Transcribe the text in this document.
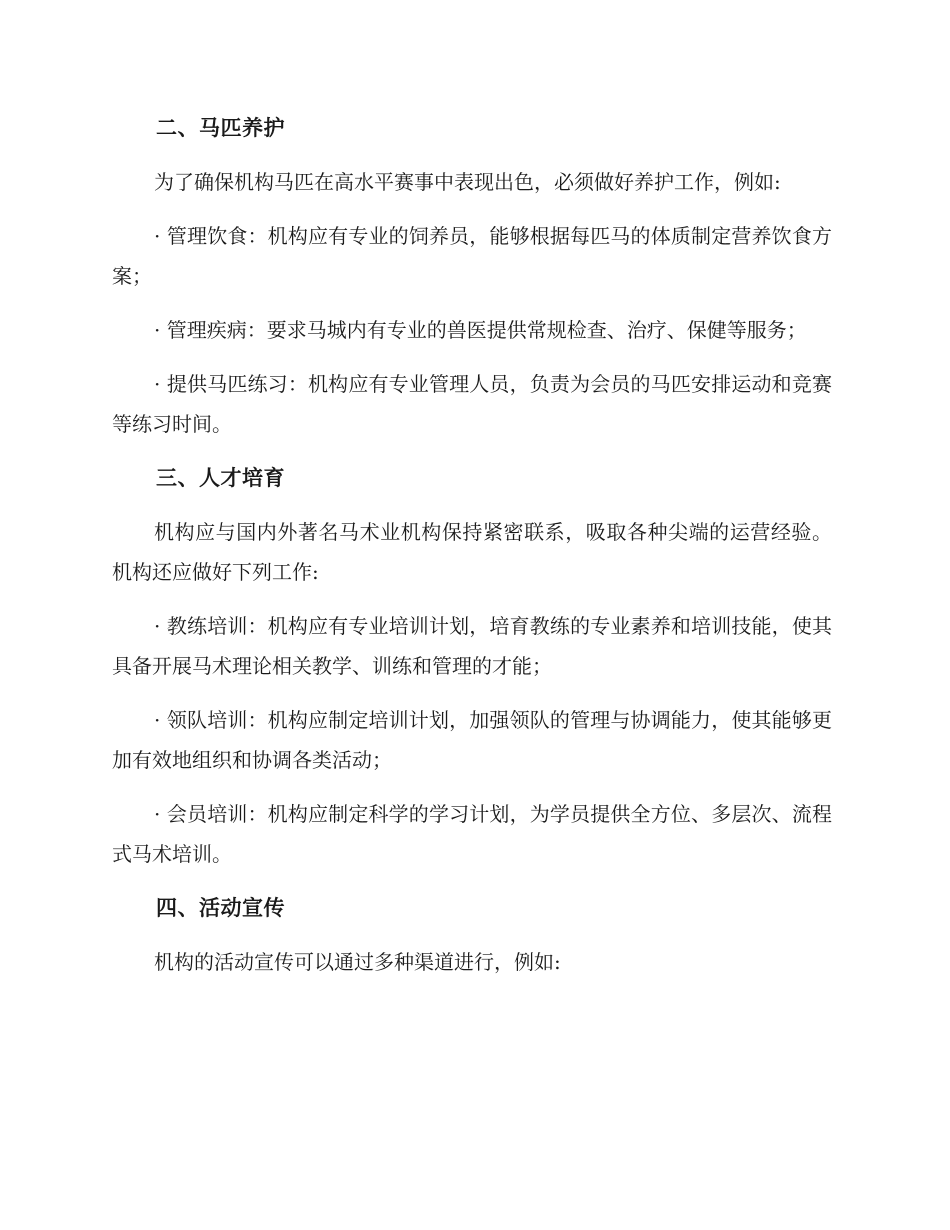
二、马匹养护

为了确保机构马匹在高水平赛事中表现出色，必须做好养护工作，例如:

· 管理饮食：机构应有专业的饲养员，能够根据每匹马的体质制定营养饮食方案；

· 管理疾病：要求马城内有专业的兽医提供常规检查、治疗、保健等服务；

· 提供马匹练习：机构应有专业管理人员，负责为会员的马匹安排运动和竞赛等练习时间。

三、人才培育

机构应与国内外著名马术业机构保持紧密联系，吸取各种尖端的运营经验。机构还应做好下列工作:

· 教练培训：机构应有专业培训计划，培育教练的专业素养和培训技能，使其具备开展马术理论相关教学、训练和管理的才能；

· 领队培训：机构应制定培训计划，加强领队的管理与协调能力，使其能够更加有效地组织和协调各类活动；

· 会员培训：机构应制定科学的学习计划，为学员提供全方位、多层次、流程式马术培训。

四、活动宣传

机构的活动宣传可以通过多种渠道进行，例如:
